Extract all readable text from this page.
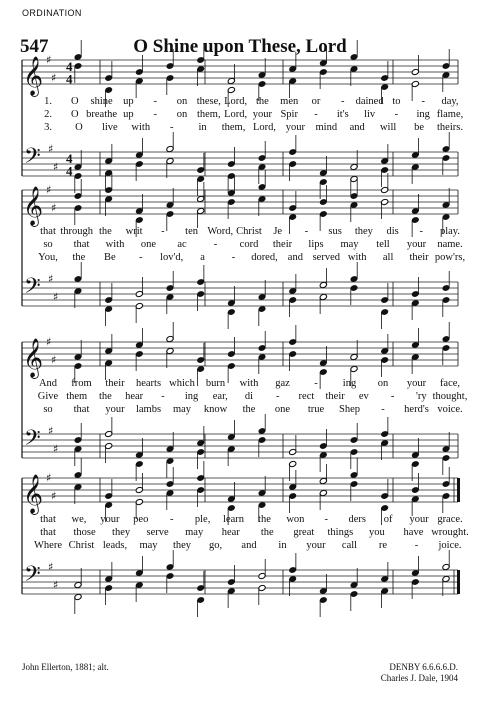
ORDINATION
547	O Shine upon These, Lord
𝄞 ♯
♯
4
4
𝄢 ♯
♯
4
4
1. O shine up - on these, Lord, the men or - dained to - day,
2. O breathe up - on them, Lord, your Spir - it's liv - ing flame,
3. O live with - in them, Lord, your mind and will be theirs.
𝄞 ♯
♯
𝄢 ♯
♯
that through the writ - ten Word, Christ Je - sus they dis - play.
so that with one ac	- cord their lips may tell your name.
You, the Be - lov'd, a	- dored, and served with all their pow'rs,
𝄞 ♯
♯
𝄢 ♯
♯
And from their hearts which burn with gaz - ing on your face,
Give them the hear - ing ear, di - rect their ev - 'ry thought,
so that your lambs may know the one true Shep - herd's voice.
𝄞 ♯
♯
𝄢 ♯
♯
that we, your peo - ple, learn the won - ders of your grace.
that those they serve may hear the great things you have wrought.
Where Christ leads, may they go, and in your call re	- joice.
John Ellerton, 1881; alt.	DENBY 6.6.6.6.D.
Charles J. Dale, 1904
